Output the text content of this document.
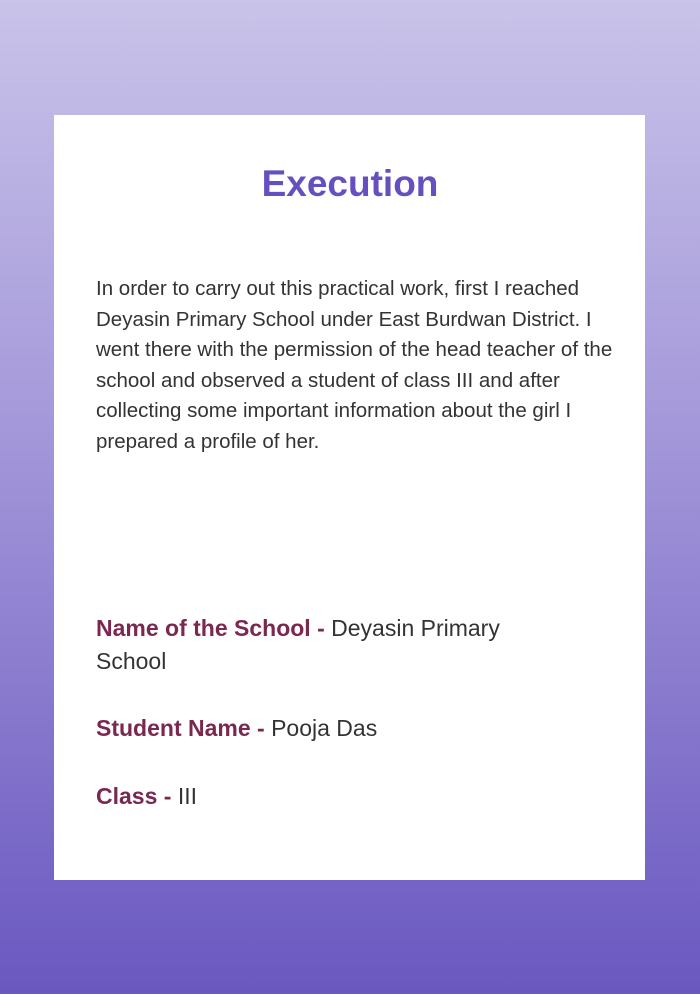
Execution
In order to carry out this practical work, first I reached Deyasin Primary School under East Burdwan District. I went there with the permission of the head teacher of the school and observed a student of class III and after collecting some important information about the girl I prepared a profile of her.
Name of the School - Deyasin Primary School
Student Name - Pooja Das
Class - III
